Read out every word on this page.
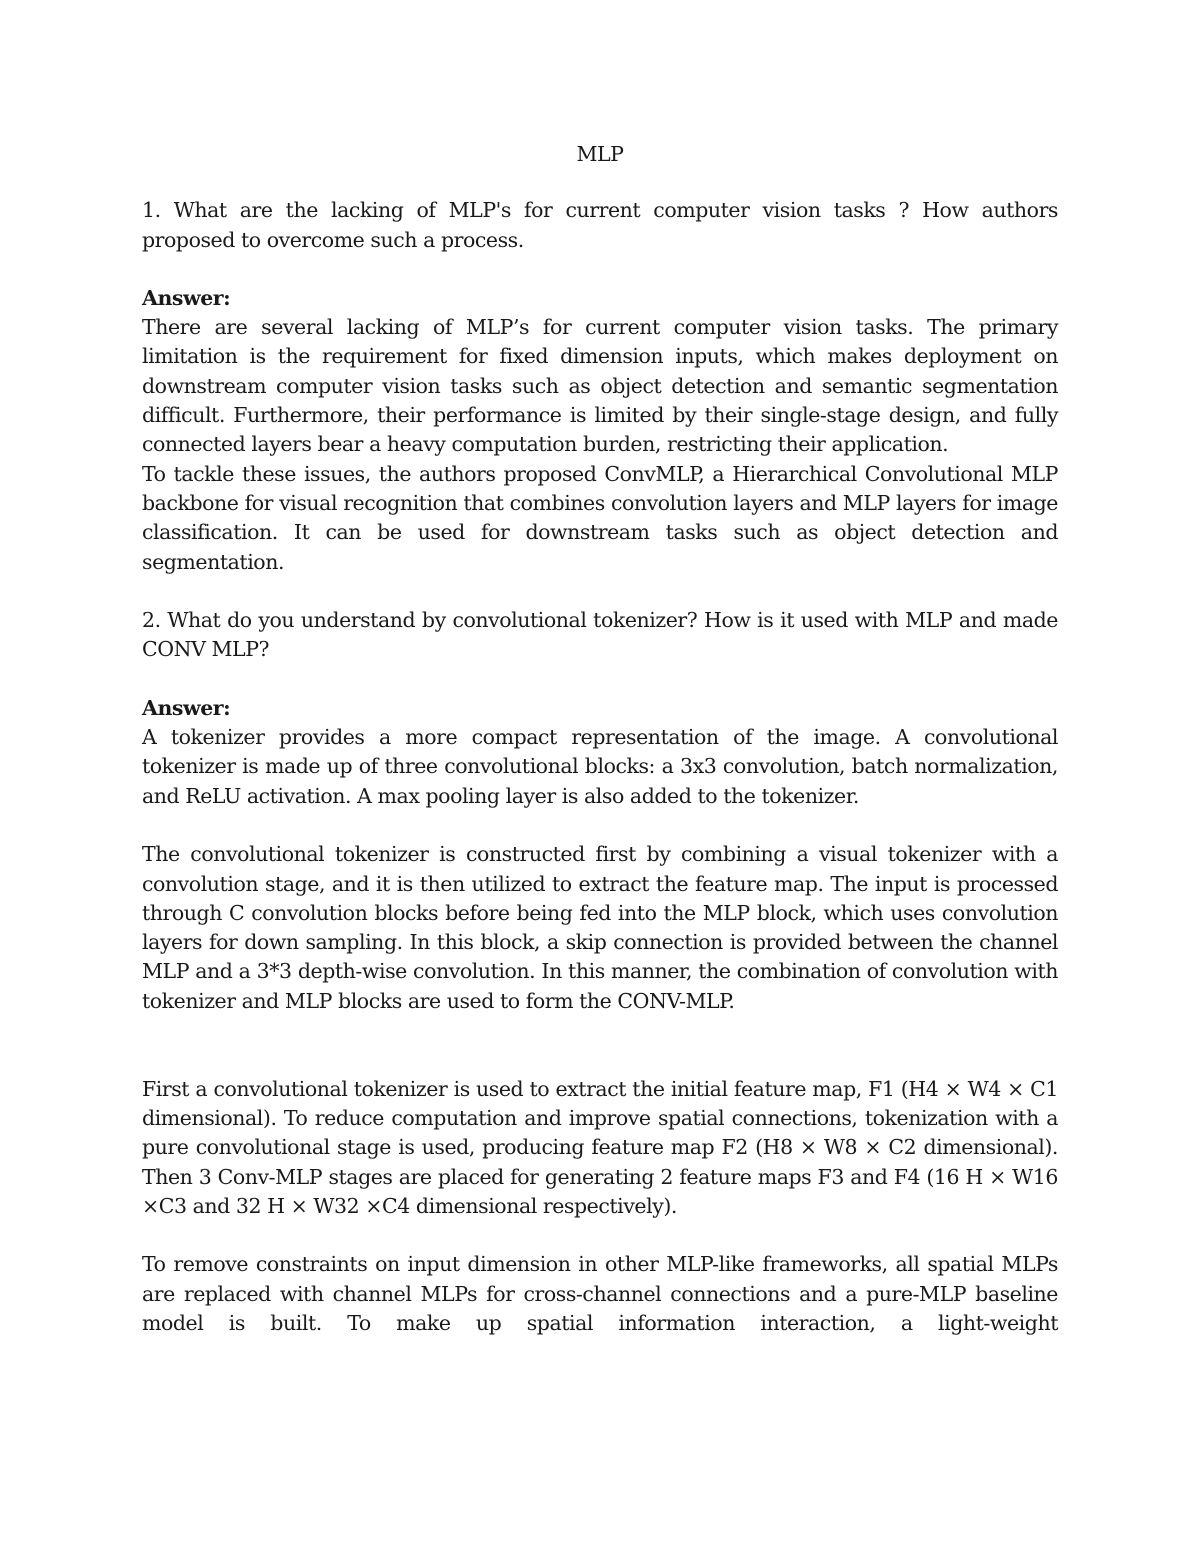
MLP

1. What are the lacking of MLP's for current computer vision tasks ? How authors proposed to overcome such a process.

Answer:

There are several lacking of MLP’s for current computer vision tasks. The primary limitation is the requirement for fixed dimension inputs, which makes deployment on downstream computer vision tasks such as object detection and semantic segmentation difficult. Furthermore, their performance is limited by their single-stage design, and fully connected layers bear a heavy computation burden, restricting their application.

To tackle these issues, the authors proposed ConvMLP, a Hierarchical Convolutional MLP backbone for visual recognition that combines convolution layers and MLP layers for image classification. It can be used for downstream tasks such as object detection and segmentation.

2. What do you understand by convolutional tokenizer? How is it used with MLP and made CONV MLP?

Answer:

A tokenizer provides a more compact representation of the image. A convolutional tokenizer is made up of three convolutional blocks: a 3x3 convolution, batch normalization, and ReLU activation. A max pooling layer is also added to the tokenizer.

The convolutional tokenizer is constructed first by combining a visual tokenizer with a convolution stage, and it is then utilized to extract the feature map. The input is processed through C convolution blocks before being fed into the MLP block, which uses convolution layers for down sampling. In this block, a skip connection is provided between the channel MLP and a 3*3 depth-wise convolution. In this manner, the combination of convolution with tokenizer and MLP blocks are used to form the CONV-MLP.

First a convolutional tokenizer is used to extract the initial feature map, F1 (H4 × W4 × C1 dimensional). To reduce computation and improve spatial connections, tokenization with a pure convolutional stage is used, producing feature map F2 (H8 × W8 × C2 dimensional). Then 3 Conv-MLP stages are placed for generating 2 feature maps F3 and F4 (16 H × W16 ×C3 and 32 H × W32 ×C4 dimensional respectively).

To remove constraints on input dimension in other MLP-like frameworks, all spatial MLPs are replaced with channel MLPs for cross-channel connections and a pure-MLP baseline model is built. To make up spatial information interaction, a light-weight
